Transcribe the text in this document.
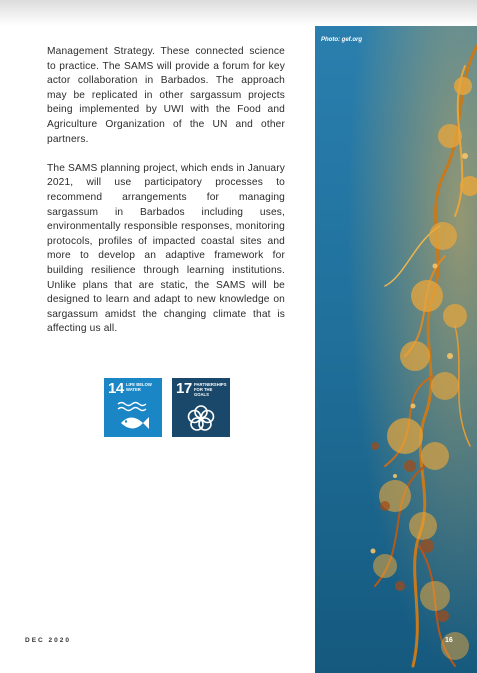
Management Strategy. These connected science to practice. The SAMS will provide a forum for key actor collaboration in Barbados. The approach may be replicated in other sargassum projects being implemented by UWI with the Food and Agriculture Organization of the UN and other partners.

The SAMS planning project, which ends in January 2021, will use participatory processes to recommend arrangements for managing sargassum in Barbados including uses, environmentally responsible responses, monitoring protocols, profiles of impacted coastal sites and more to develop an adaptive framework for building resilience through learning institutions. Unlike plans that are static, the SAMS will be designed to learn and adapt to new knowledge on sargassum amidst the changing climate that is affecting us all.

14 LIFE BELOW WATER	17 PARTNERSHIPS FOR THE GOALS
Photo: gef.org
DEC 2020	16
